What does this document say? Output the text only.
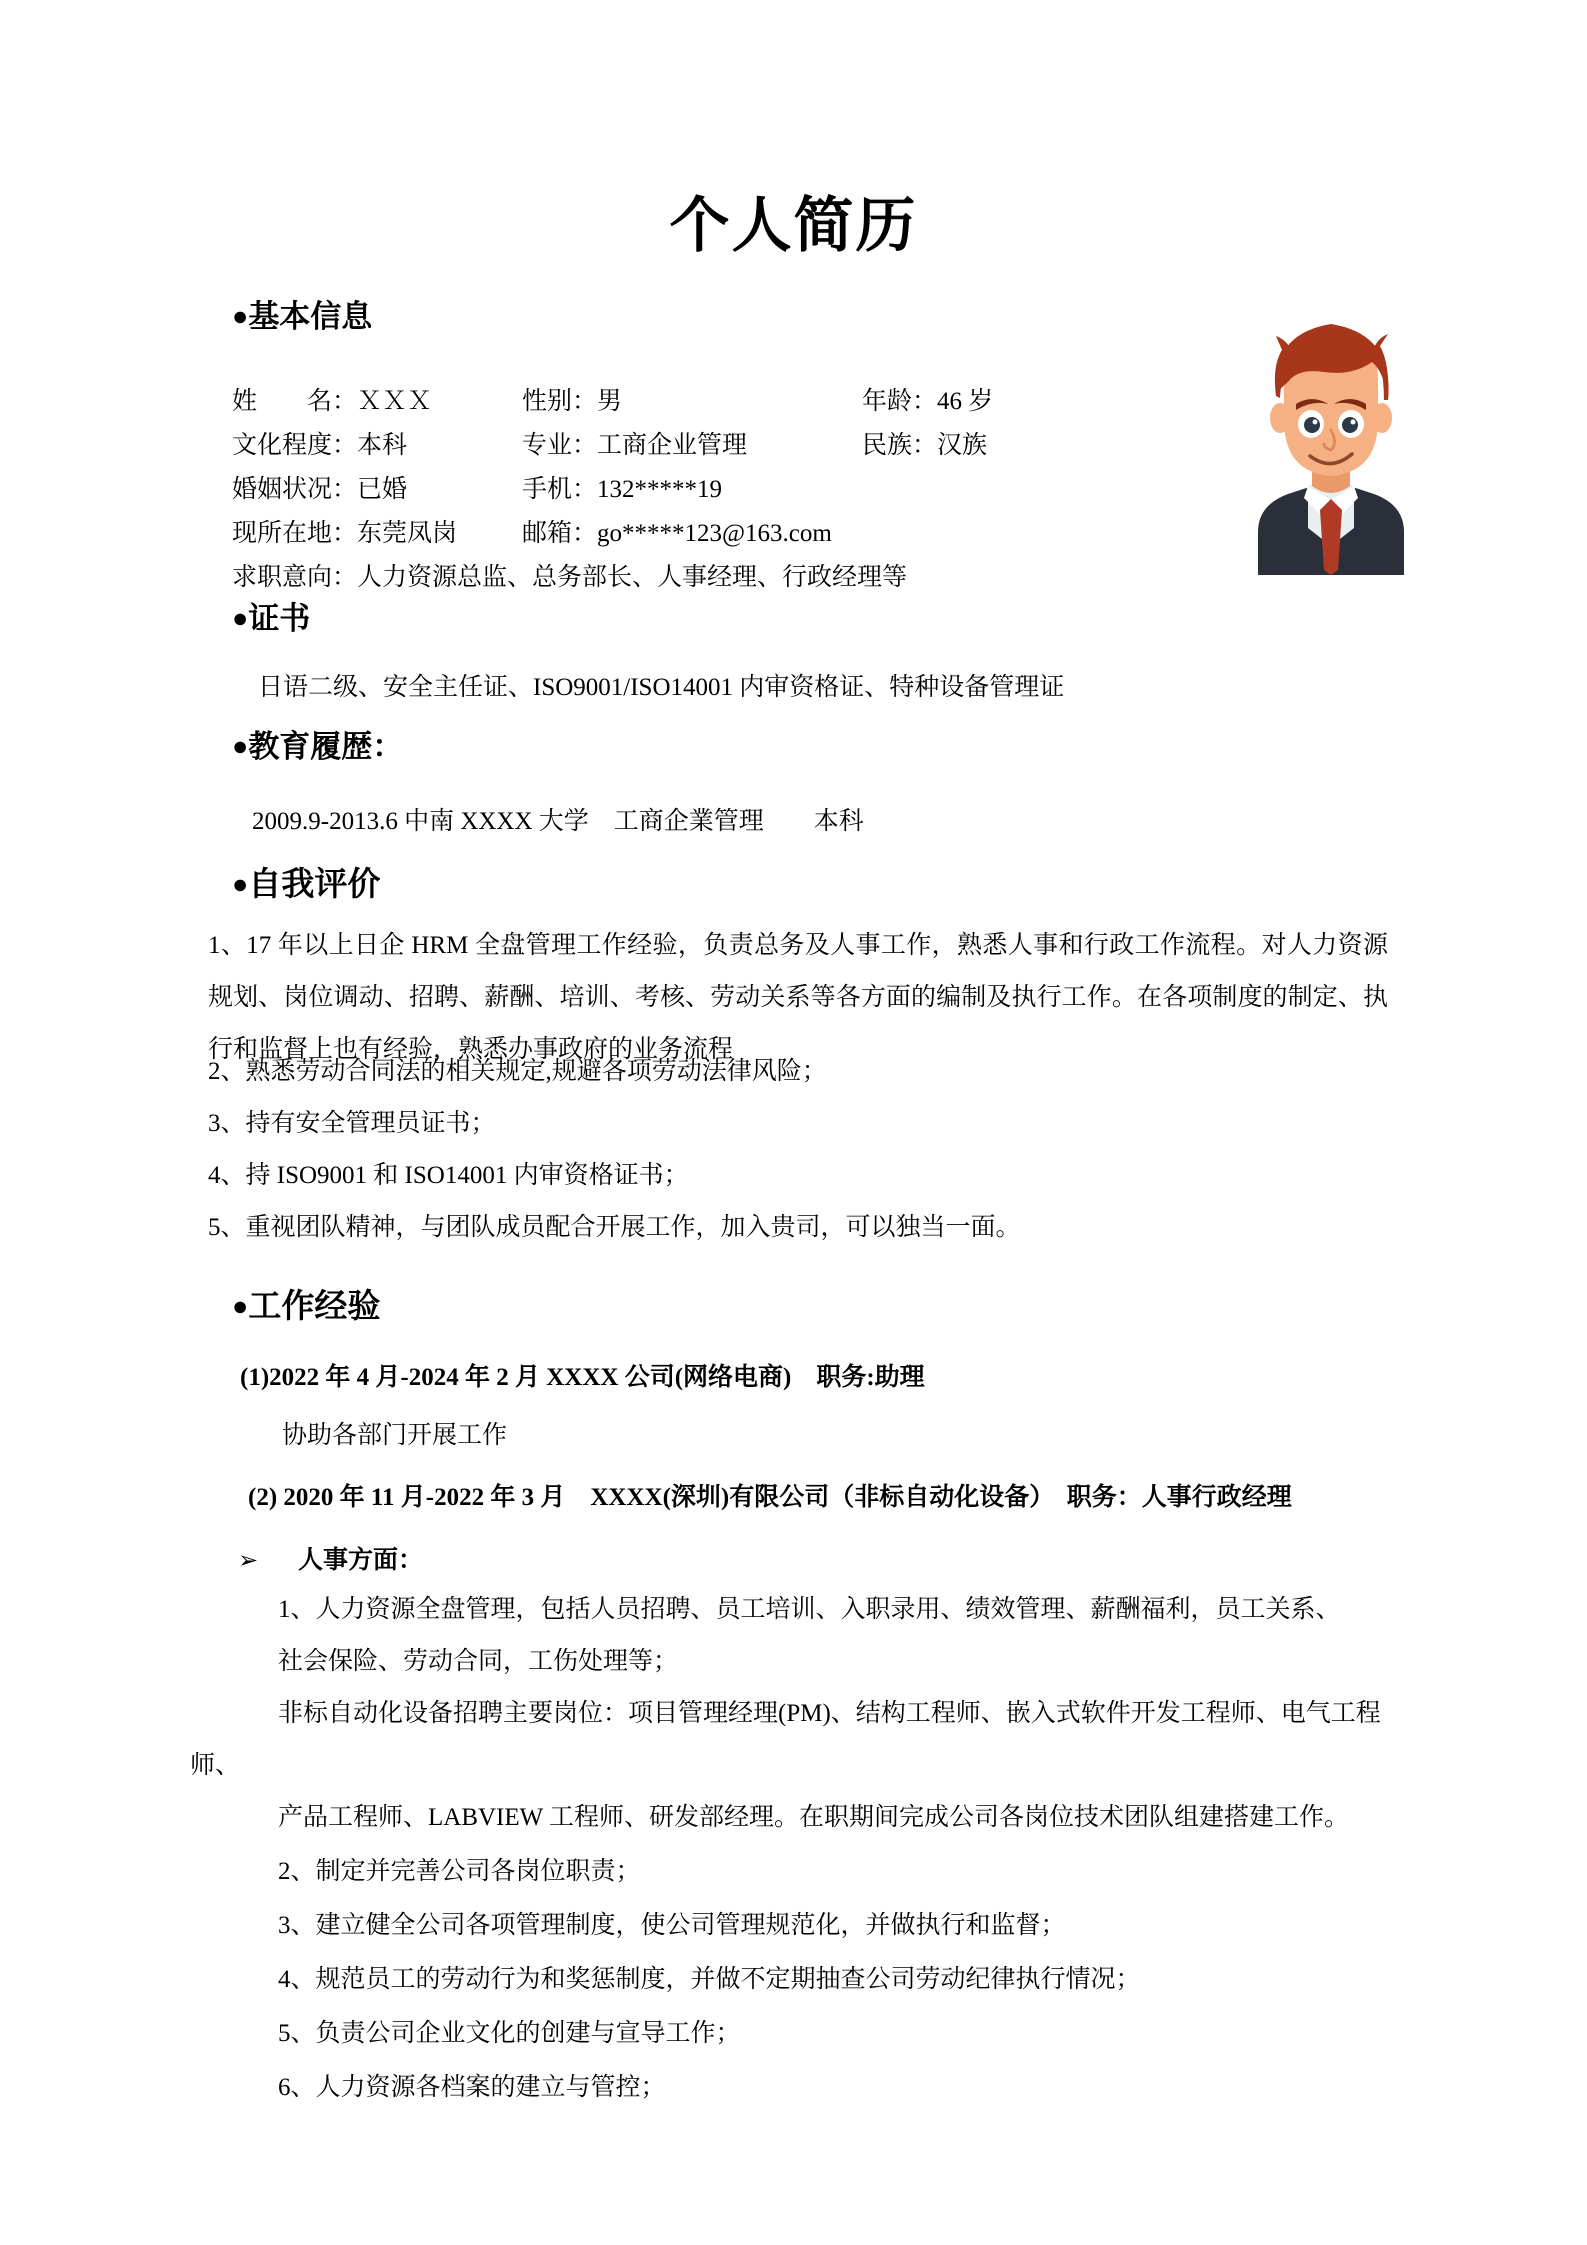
个人简历
●基本信息
姓　　名：ＸＸＸ	性别：男	年龄：46 岁
文化程度：本科	专业：工商企业管理	民族：汉族
婚姻状况：已婚	手机：132*****19
现所在地：东莞凤岗	邮箱：go*****123@163.com
求职意向：人力资源总监、总务部长、人事经理、行政经理等
●证书
日语二级、安全主任证、ISO9001/ISO14001 内审资格证、特种设备管理证
●教育履歴：
2009.9-2013.6 中南 XXXX 大学　工商企業管理　　本科
●自我评价
1、17 年以上日企 HRM 全盘管理工作经验，负责总务及人事工作，熟悉人事和行政工作流程。对人力资源规划、岗位调动、招聘、薪酬、培训、考核、劳动关系等各方面的编制及执行工作。在各项制度的制定、执行和监督上也有经验，熟悉办事政府的业务流程
2、熟悉劳动合同法的相关规定,规避各项劳动法律风险；
3、持有安全管理员证书；
4、持 ISO9001 和 ISO14001 内审资格证书；
5、重视团队精神，与团队成员配合开展工作，加入贵司，可以独当一面。
●工作经验
(1)2022 年 4 月-2024 年 2 月 XXXX 公司(网络电商)　职务:助理
协助各部门开展工作
(2) 2020 年 11 月-2022 年 3 月　XXXX(深圳)有限公司（非标自动化设备）　职务：人事行政经理
➢ 人事方面：
1、人力资源全盘管理，包括人员招聘、员工培训、入职录用、绩效管理、薪酬福利，员工关系、
社会保险、劳动合同，工伤处理等；
非标自动化设备招聘主要岗位：项目管理经理(PM)、结构工程师、嵌入式软件开发工程师、电气工程
师、
产品工程师、LABVIEW 工程师、研发部经理。在职期间完成公司各岗位技术团队组建搭建工作。
2、制定并完善公司各岗位职责；
3、建立健全公司各项管理制度，使公司管理规范化，并做执行和监督；
4、规范员工的劳动行为和奖惩制度，并做不定期抽查公司劳动纪律执行情况；
5、负责公司企业文化的创建与宣导工作；
6、人力资源各档案的建立与管控；
